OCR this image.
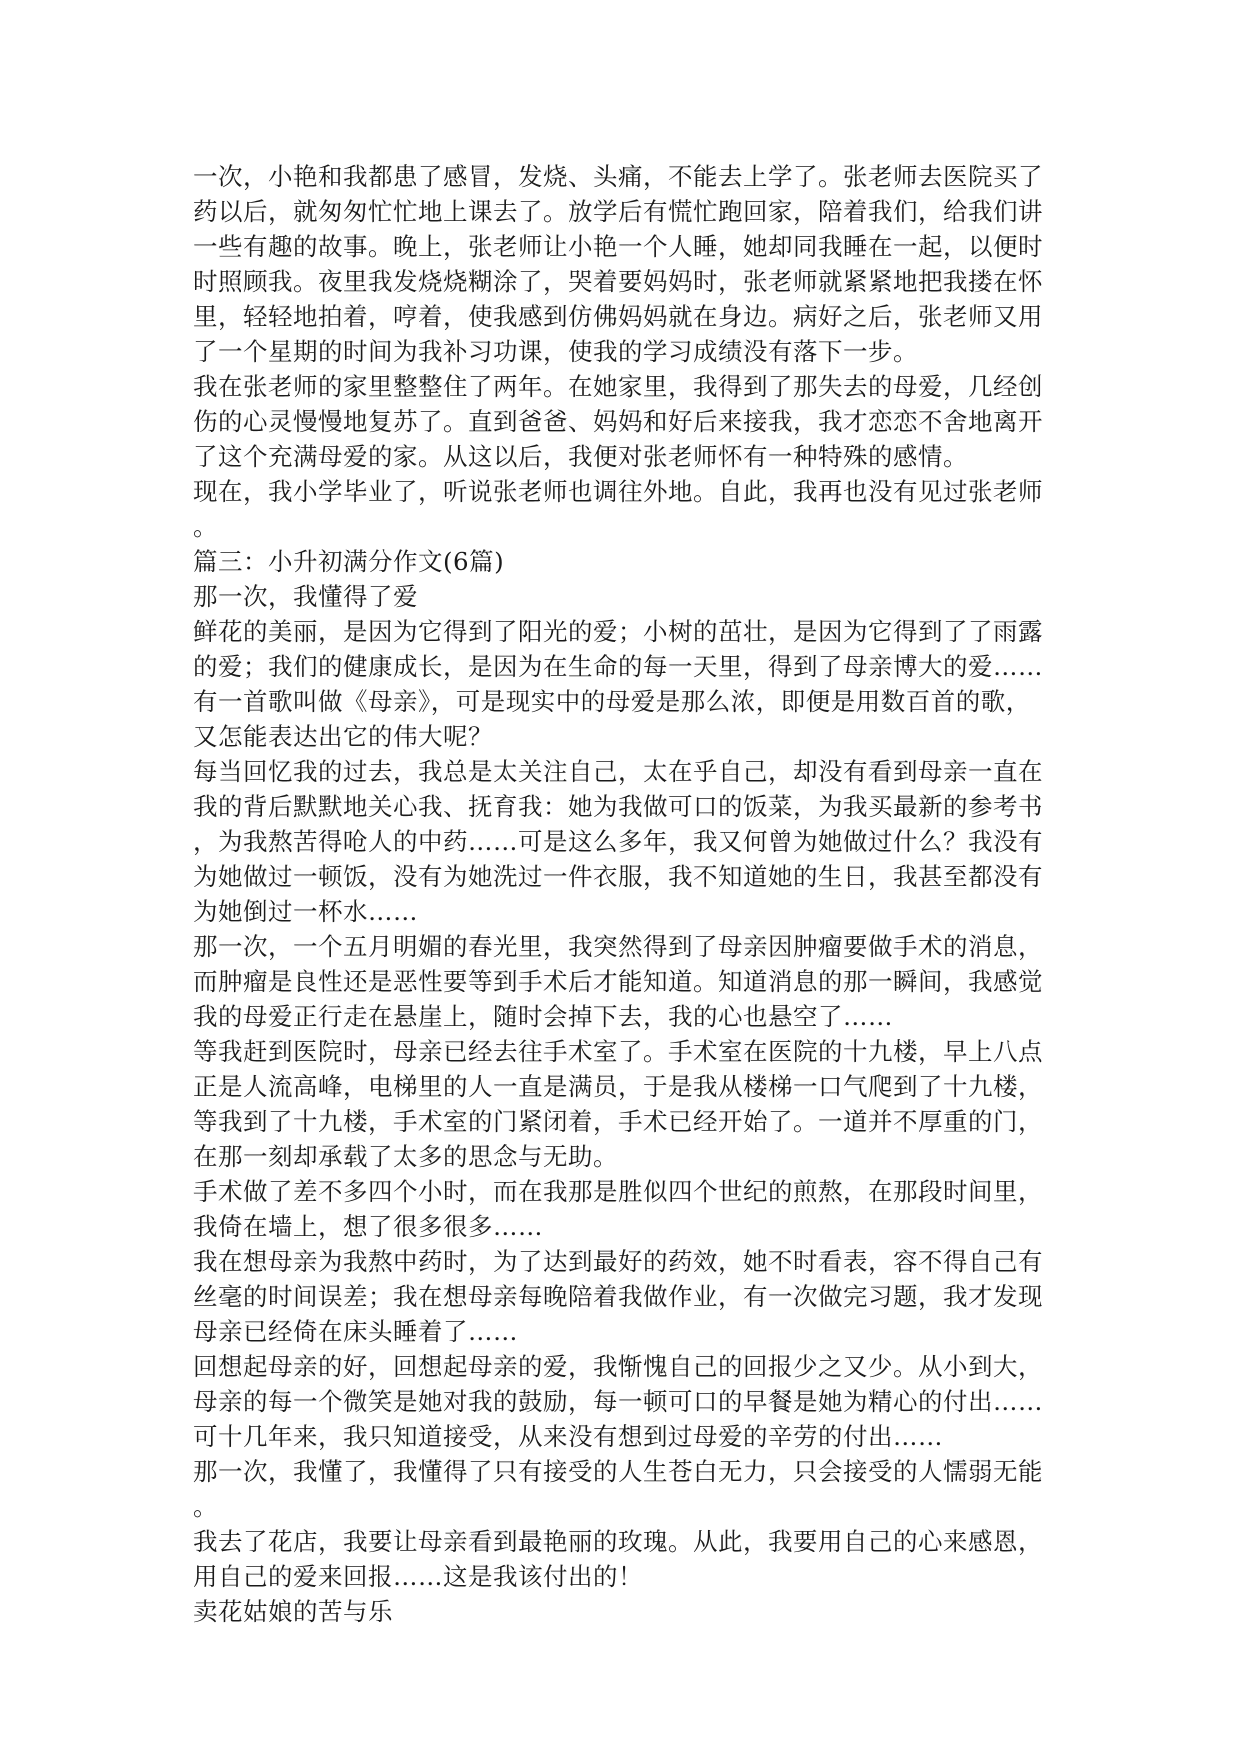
一次，小艳和我都患了感冒，发烧、头痛，不能去上学了。张老师去医院买了
药以后，就匆匆忙忙地上课去了。放学后有慌忙跑回家，陪着我们，给我们讲
一些有趣的故事。晚上，张老师让小艳一个人睡，她却同我睡在一起，以便时
时照顾我。夜里我发烧烧糊涂了，哭着要妈妈时，张老师就紧紧地把我搂在怀
里，轻轻地拍着，哼着，使我感到仿佛妈妈就在身边。病好之后，张老师又用
了一个星期的时间为我补习功课，使我的学习成绩没有落下一步。
我在张老师的家里整整住了两年。在她家里，我得到了那失去的母爱，几经创
伤的心灵慢慢地复苏了。直到爸爸、妈妈和好后来接我，我才恋恋不舍地离开
了这个充满母爱的家。从这以后，我便对张老师怀有一种特殊的感情。
现在，我小学毕业了，听说张老师也调往外地。自此，我再也没有见过张老师
。
篇三：小升初满分作文(6篇)
那一次，我懂得了爱
鲜花的美丽，是因为它得到了阳光的爱；小树的茁壮，是因为它得到了了雨露
的爱；我们的健康成长，是因为在生命的每一天里，得到了母亲博大的爱……
有一首歌叫做《母亲》，可是现实中的母爱是那么浓，即便是用数百首的歌，
又怎能表达出它的伟大呢？
每当回忆我的过去，我总是太关注自己，太在乎自己，却没有看到母亲一直在
我的背后默默地关心我、抚育我：她为我做可口的饭菜，为我买最新的参考书
，为我熬苦得呛人的中药……可是这么多年，我又何曾为她做过什么？我没有
为她做过一顿饭，没有为她洗过一件衣服，我不知道她的生日，我甚至都没有
为她倒过一杯水……
那一次，一个五月明媚的春光里，我突然得到了母亲因肿瘤要做手术的消息，
而肿瘤是良性还是恶性要等到手术后才能知道。知道消息的那一瞬间，我感觉
我的母爱正行走在悬崖上，随时会掉下去，我的心也悬空了……
等我赶到医院时，母亲已经去往手术室了。手术室在医院的十九楼，早上八点
正是人流高峰，电梯里的人一直是满员，于是我从楼梯一口气爬到了十九楼，
等我到了十九楼，手术室的门紧闭着，手术已经开始了。一道并不厚重的门，
在那一刻却承载了太多的思念与无助。
手术做了差不多四个小时，而在我那是胜似四个世纪的煎熬，在那段时间里，
我倚在墙上，想了很多很多……
我在想母亲为我熬中药时，为了达到最好的药效，她不时看表，容不得自己有
丝毫的时间误差；我在想母亲每晚陪着我做作业，有一次做完习题，我才发现
母亲已经倚在床头睡着了……
回想起母亲的好，回想起母亲的爱，我惭愧自己的回报少之又少。从小到大，
母亲的每一个微笑是她对我的鼓励，每一顿可口的早餐是她为精心的付出……
可十几年来，我只知道接受，从来没有想到过母爱的辛劳的付出……
那一次，我懂了，我懂得了只有接受的人生苍白无力，只会接受的人懦弱无能
。
我去了花店，我要让母亲看到最艳丽的玫瑰。从此，我要用自己的心来感恩，
用自己的爱来回报……这是我该付出的！
卖花姑娘的苦与乐
